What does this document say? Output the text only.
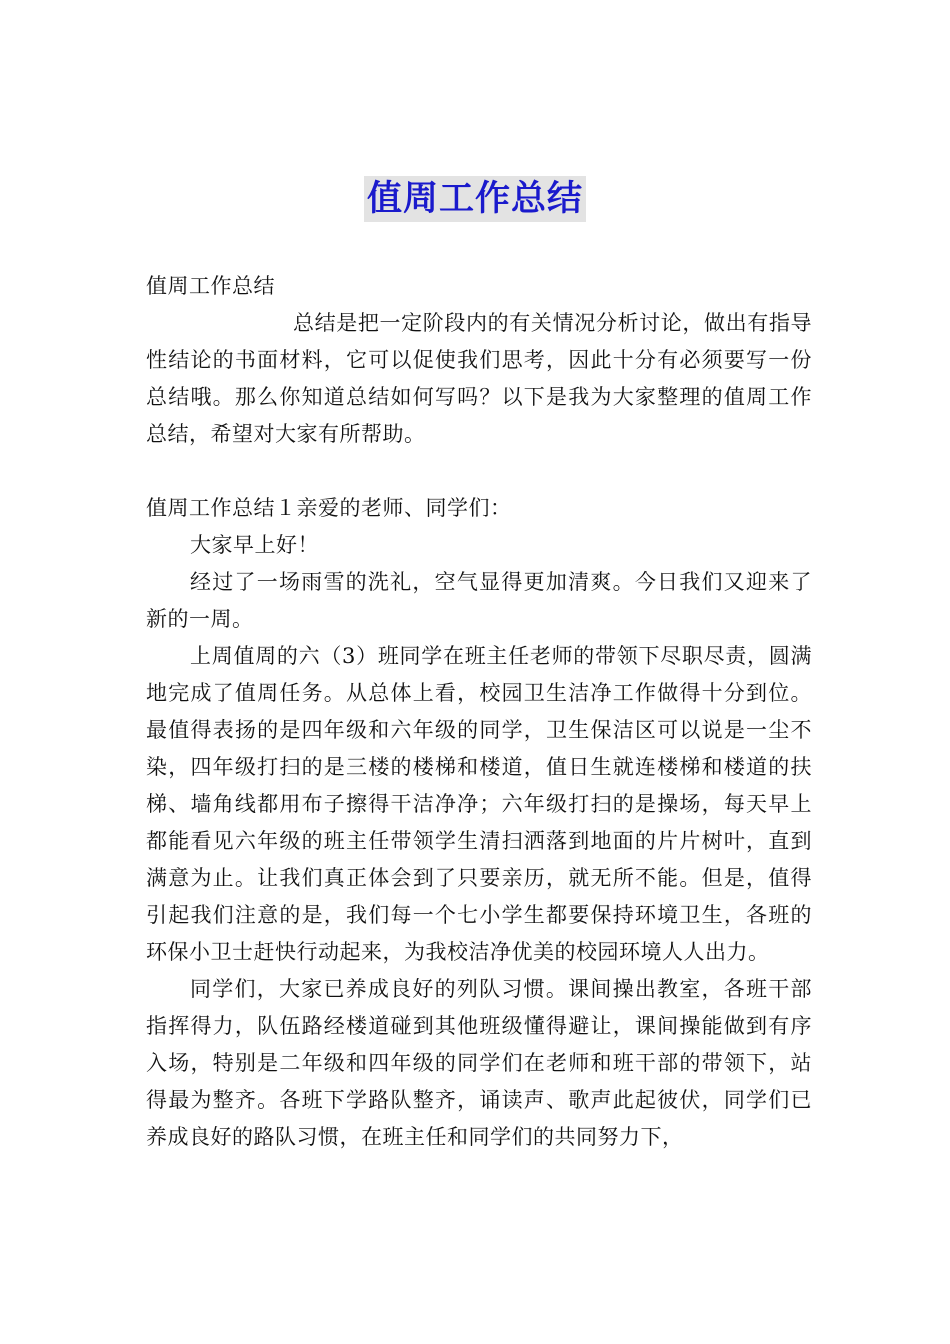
值周工作总结

值周工作总结

总结是把一定阶段内的有关情况分析讨论，做出有指导性结论的书面材料，它可以促使我们思考，因此十分有必须要写一份总结哦。那么你知道总结如何写吗？以下是我为大家整理的值周工作总结，希望对大家有所帮助。

值周工作总结１亲爱的老师、同学们：

大家早上好！

经过了一场雨雪的洗礼，空气显得更加清爽。今日我们又迎来了新的一周。

上周值周的六（3）班同学在班主任老师的带领下尽职尽责，圆满地完成了值周任务。从总体上看，校园卫生洁净工作做得十分到位。最值得表扬的是四年级和六年级的同学，卫生保洁区可以说是一尘不染，四年级打扫的是三楼的楼梯和楼道，值日生就连楼梯和楼道的扶梯、墙角线都用布子擦得干洁净净；六年级打扫的是操场，每天早上都能看见六年级的班主任带领学生清扫洒落到地面的片片树叶，直到满意为止。让我们真正体会到了只要亲历，就无所不能。但是，值得引起我们注意的是，我们每一个七小学生都要保持环境卫生，各班的环保小卫士赶快行动起来，为我校洁净优美的校园环境人人出力。

同学们，大家已养成良好的列队习惯。课间操出教室，各班干部指挥得力，队伍路经楼道碰到其他班级懂得避让，课间操能做到有序入场，特别是二年级和四年级的同学们在老师和班干部的带领下，站得最为整齐。各班下学路队整齐，诵读声、歌声此起彼伏，同学们已养成良好的路队习惯，在班主任和同学们的共同努力下，
